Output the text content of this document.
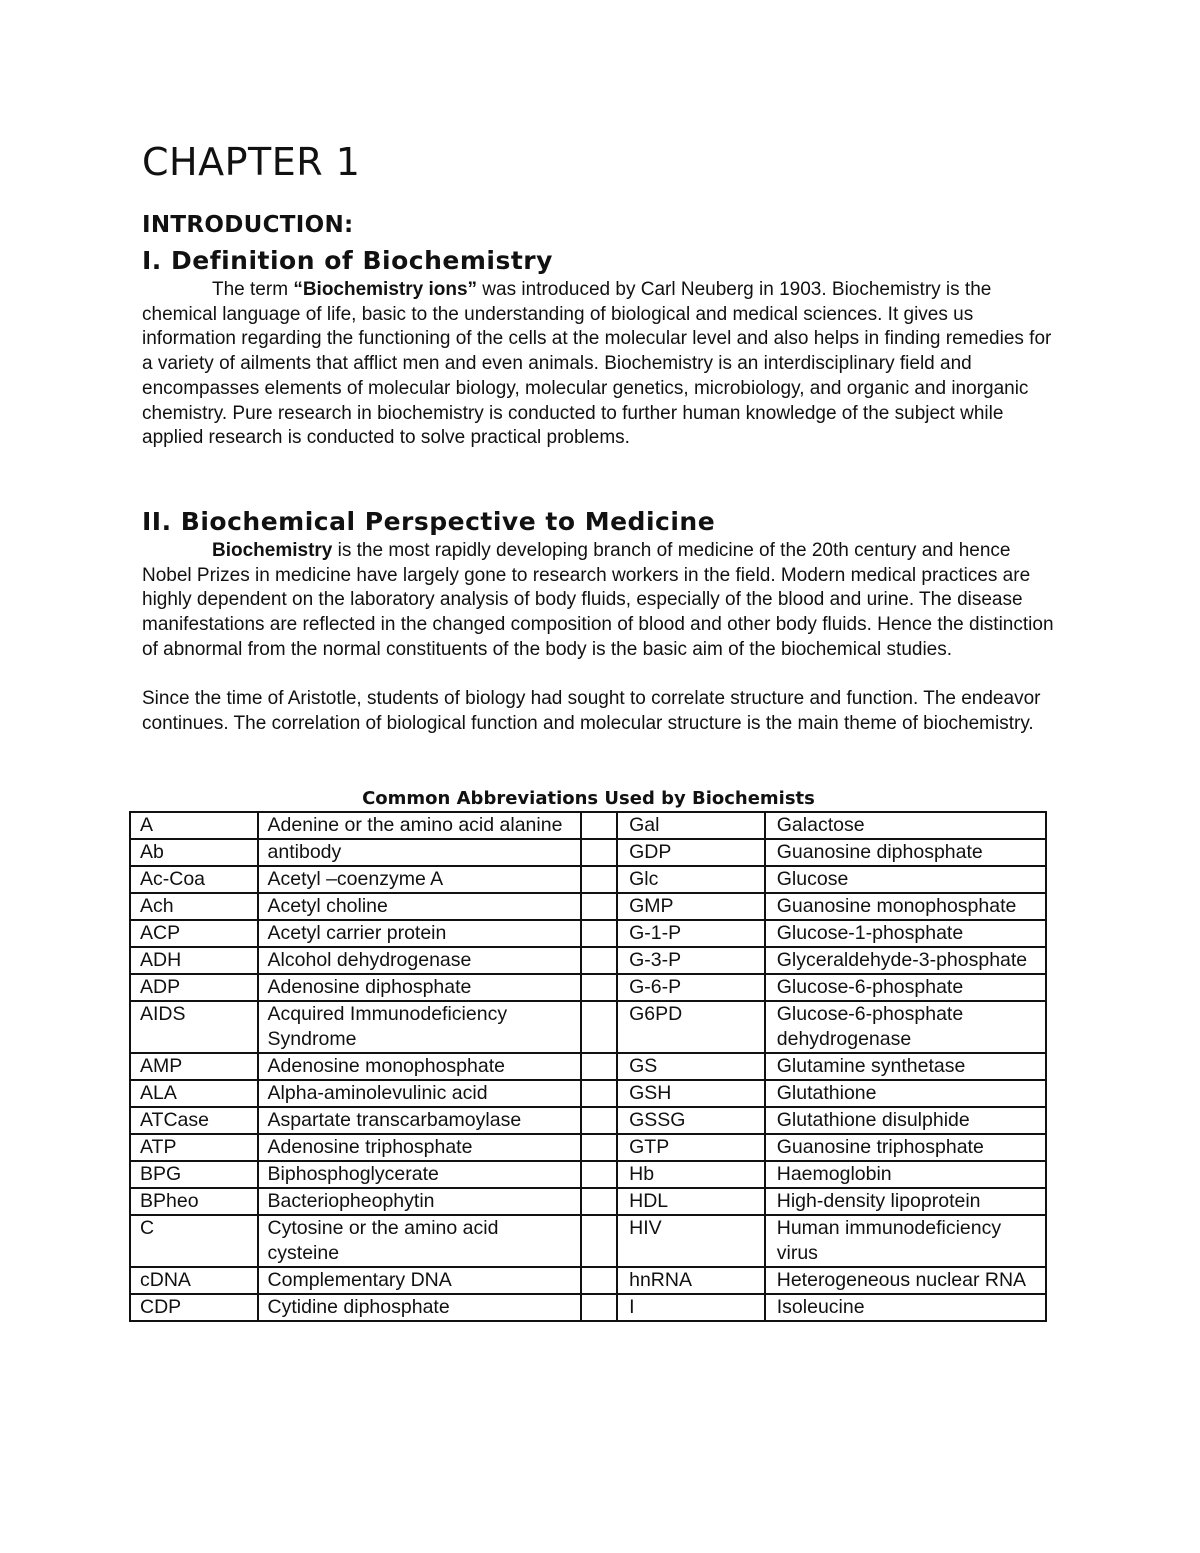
CHAPTER 1
INTRODUCTION:
I. Definition of Biochemistry

The term “Biochemistry ions” was introduced by Carl Neuberg in 1903. Biochemistry is the chemical language of life, basic to the understanding of biological and medical sciences. It gives us information regarding the functioning of the cells at the molecular level and also helps in finding remedies for a variety of ailments that afflict men and even animals. Biochemistry is an interdisciplinary field and encompasses elements of molecular biology, molecular genetics, microbiology, and organic and inorganic chemistry. Pure research in biochemistry is conducted to further human knowledge of the subject while applied research is conducted to solve practical problems.

II. Biochemical Perspective to Medicine

Biochemistry is the most rapidly developing branch of medicine of the 20th century and hence Nobel Prizes in medicine have largely gone to research workers in the field. Modern medical practices are highly dependent on the laboratory analysis of body fluids, especially of the blood and urine. The disease manifestations are reflected in the changed composition of blood and other body fluids. Hence the distinction of abnormal from the normal constituents of the body is the basic aim of the biochemical studies.

Since the time of Aristotle, students of biology had sought to correlate structure and function. The endeavor continues. The correlation of biological function and molecular structure is the main theme of biochemistry.

Common Abbreviations Used by Biochemists

A	Adenine or the amino acid alanine		Gal	Galactose
Ab	antibody		GDP	Guanosine diphosphate
Ac-Coa	Acetyl –coenzyme A		Glc	Glucose
Ach	Acetyl choline		GMP	Guanosine monophosphate
ACP	Acetyl carrier protein		G-1-P	Glucose-1-phosphate
ADH	Alcohol dehydrogenase		G-3-P	Glyceraldehyde-3-phosphate
ADP	Adenosine diphosphate		G-6-P	Glucose-6-phosphate
AIDS	Acquired Immunodeficiency Syndrome		G6PD	Glucose-6-phosphate dehydrogenase
AMP	Adenosine monophosphate		GS	Glutamine synthetase
ALA	Alpha-aminolevulinic acid		GSH	Glutathione
ATCase	Aspartate transcarbamoylase		GSSG	Glutathione disulphide
ATP	Adenosine triphosphate		GTP	Guanosine triphosphate
BPG	Biphosphoglycerate		Hb	Haemoglobin
BPheo	Bacteriopheophytin		HDL	High-density lipoprotein
C	Cytosine or the amino acid cysteine		HIV	Human immunodeficiency virus
cDNA	Complementary DNA		hnRNA	Heterogeneous nuclear RNA
CDP	Cytidine diphosphate		I	Isoleucine
